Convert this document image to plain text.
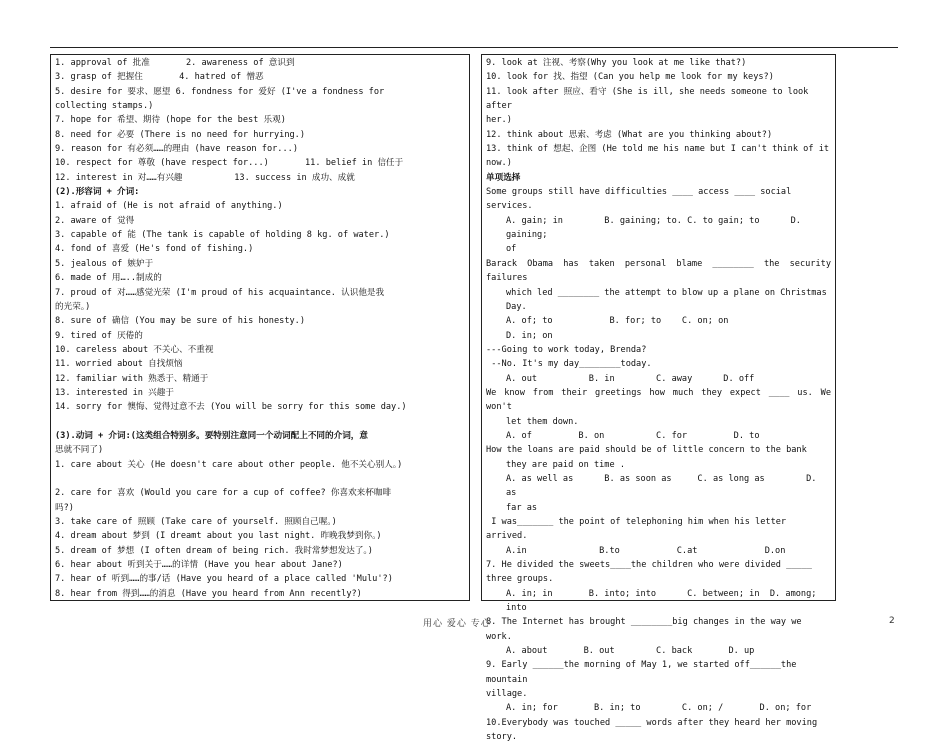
1. approval of 批准       2. awareness of 意识到
3. grasp of 把握住       4. hatred of 憎恶
5. desire for 要求、愿望 6. fondness for 爱好 (I've a fondness for
collecting stamps.)
7. hope for 希望、期待 (hope for the best 乐观)
8. need for 必要 (There is no need for hurrying.)
9. reason for 有必须……的理由 (have reason for...)
10. respect for 尊敬 (have respect for...)       11. belief in 信任于
12. interest in 对……有兴趣          13. success in 成功、成就
(2).形容词 + 介词:
1. afraid of (He is not afraid of anything.)
2. aware of 觉得
3. capable of 能 (The tank is capable of holding 8 kg. of water.)
4. fond of 喜爱 (He's fond of fishing.)
5. jealous of 嫉妒于
6. made of 用…..制成的
7. proud of 对……感觉光荣 (I'm proud of his acquaintance. 认识他是我
的光荣。)
8. sure of 确信 (You may be sure of his honesty.)
9. tired of 厌倦的
10. careless about 不关心、不重视
11. worried about 自找烦恼
12. familiar with 熟悉于、精通于
13. interested in 兴趣于
14. sorry for 懊悔、觉得过意不去 (You will be sorry for this some day.)

(3).动词 + 介词:(这类组合特别多。要特别注意同一个动词配上不同的介词，意
思就不同了)
1. care about 关心 (He doesn't care about other people. 他不关心别人。)

2. care for 喜欢 (Would you care for a cup of coffee? 你喜欢来杯咖啡
吗?)
3. take care of 照顾 (Take care of yourself. 照顾自己喔。)
4. dream about 梦到 (I dreamt about you last night. 昨晚我梦到你。)
5. dream of 梦想 (I often dream of being rich. 我时常梦想发达了。)
6. hear about 听到关于……的详情 (Have you hear about Jane?)
7. hear of 听到……的事/话 (Have you heard of a place called 'Mulu'?)
8. hear from 得到……的消息 (Have you heard from Ann recently?)
9. look at 注视、考察(Why you look at me like that?)
10. look for 找、指望 (Can you help me look for my keys?)
11. look after 照应、看守 (She is ill, she needs someone to look after
her.)
12. think about 思索、考虑 (What are you thinking about?)
13. think of 想起、企图 (He told me his name but I can't think of it
now.)
单项选择
Some groups still have difficulties ____ access ____ social services.
A. gain; in        B. gaining; to. C. to gain; to      D. gaining;
of
Barack Obama has taken personal blame ________ the security failures
which led ________ the attempt to blow up a plane on Christmas
Day.
A. of; to           B. for; to    C. on; on
D. in; on
---Going to work today, Brenda?
--No. It's my day________today.
A. out          B. in        C. away      D. off
We know from their greetings how much they expect ____ us. We won't
let them down.
A. of         B. on          C. for         D. to
How the loans are paid should be of little concern to the bank
they are paid on time .
A. as well as      B. as soon as     C. as long as        D. as
far as
I was_______ the point of telephoning him when his letter arrived.
A.in              B.to           C.at             D.on
7. He divided the sweets____the children who were divided _____
three groups.
A. in; in       B. into; into      C. between; in  D. among; into
8. The Internet has brought ________big changes in the way we work.
A. about       B. out        C. back       D. up
9. Early ______the morning of May 1, we started off______the mountain
village.
A. in; for       B. in; to        C. on; /       D. on; for
10.Everybody was touched _____ words after they heard her moving
story.
用心 爱心 专心	2
